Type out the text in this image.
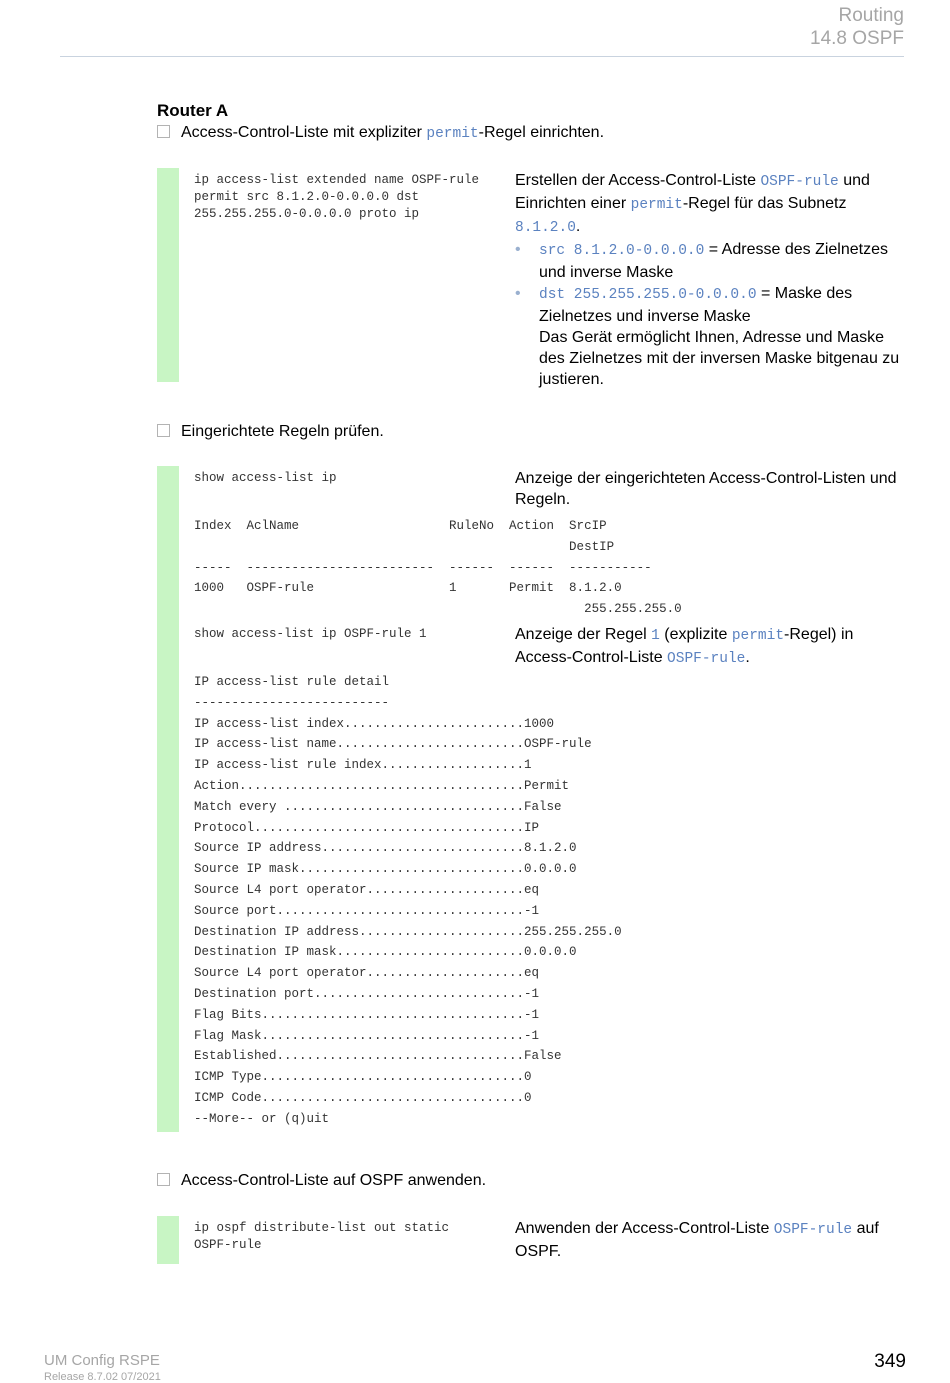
Routing
14.8 OSPF
Router A
Access-Control-Liste mit expliziter permit-Regel einrichten.
ip access-list extended name OSPF-rule
permit src 8.1.2.0-0.0.0.0 dst
255.255.255.0-0.0.0.0 proto ip
Erstellen der Access-Control-Liste OSPF-rule und Einrichten einer permit-Regel für das Subnetz 8.1.2.0.
• src 8.1.2.0-0.0.0.0 = Adresse des Zielnetzes und inverse Maske
• dst 255.255.255.0-0.0.0.0 = Maske des Zielnetzes und inverse Maske
Das Gerät ermöglicht Ihnen, Adresse und Maske des Zielnetzes mit der inversen Maske bitgenau zu justieren.
Eingerichtete Regeln prüfen.
show access-list ip	Anzeige der eingerichteten Access-Control-Listen und Regeln.
Index  AclName                    RuleNo  Action  SrcIP
DestIP
-----  -------------------------  ------  ------  -----------
1000   OSPF-rule                  1       Permit  8.1.2.0
255.255.255.0
show access-list ip OSPF-rule 1	Anzeige der Regel 1 (explizite permit-Regel) in Access-Control-Liste OSPF-rule.
IP access-list rule detail
--------------------------
IP access-list index........................1000
IP access-list name.........................OSPF-rule
IP access-list rule index...................1
Action......................................Permit
Match every ................................False
Protocol....................................IP
Source IP address...........................8.1.2.0
Source IP mask..............................0.0.0.0
Source L4 port operator.....................eq
Source port.................................-1
Destination IP address......................255.255.255.0
Destination IP mask.........................0.0.0.0
Source L4 port operator.....................eq
Destination port............................-1
Flag Bits...................................-1
Flag Mask...................................-1
Established.................................False
ICMP Type...................................0
ICMP Code...................................0
--More-- or (q)uit
Access-Control-Liste auf OSPF anwenden.
ip ospf distribute-list out static
OSPF-rule
Anwenden der Access-Control-Liste OSPF-rule auf OSPF.
UM Config RSPE
Release 8.7.02 07/2021
349
